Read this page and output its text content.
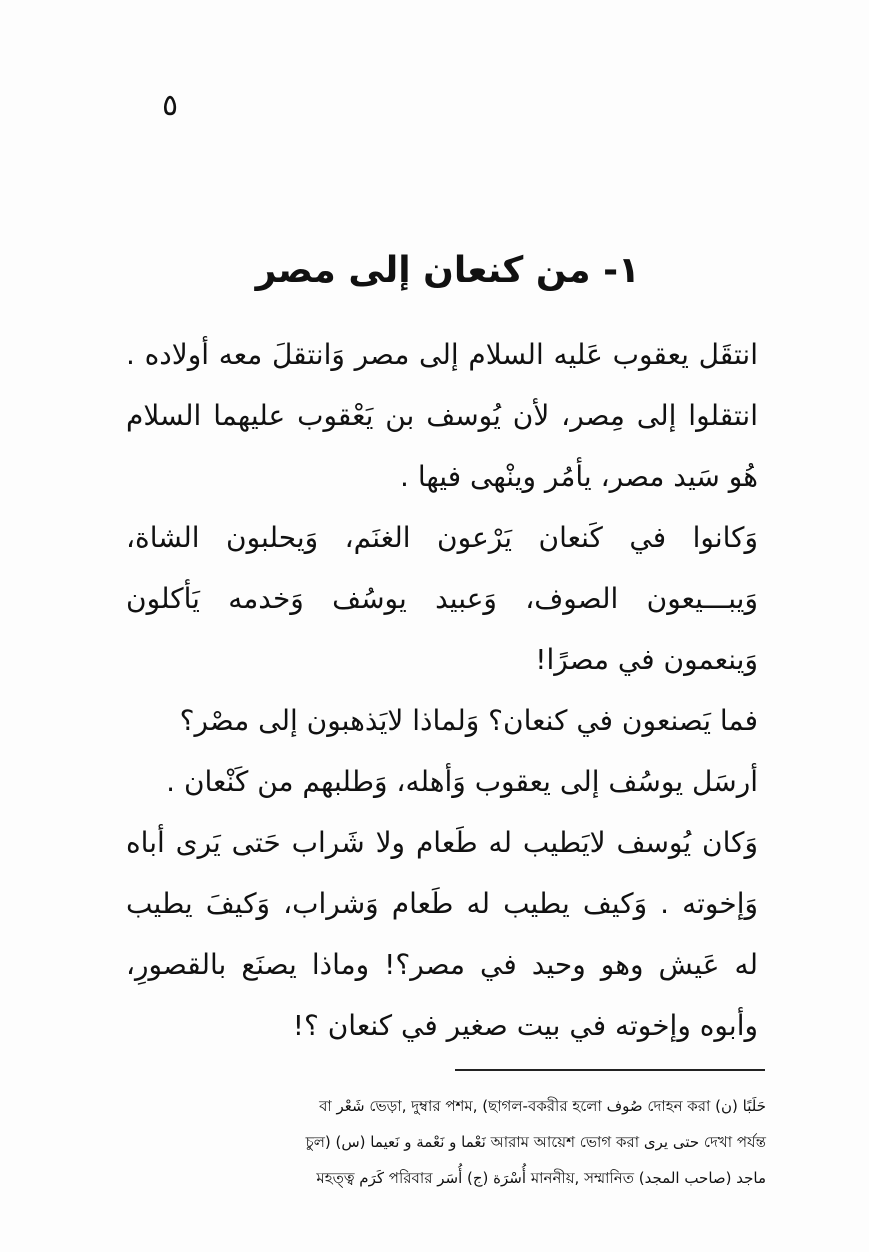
٥
١- من كنعان إلى مصر
انتقَل يعقوب عَليه السلام إلى مصر وَانتقلَ معه أولاده .
انتقلوا إلى مِصر، لأن يُوسف بن يَعْقوب عليهما السلام
هُو سَيد مصر، يأمُر وينْهى فيها .
وَكانوا في كَنعان يَرْعون الغنَم، وَيحلبون الشاة،
وَيبـــيعون الصوف، وَعبيد يوسُف وَخدمه يَأكلون
وَينعمون في مصرًا!
فما يَصنعون في كنعان؟ وَلماذا لايَذهبون إلى مصْر؟
أرسَل يوسُف إلى يعقوب وَأهله، وَطلبهم من كَنْعان .
وَكان يُوسف لايَطيب له طَعام ولا شَراب حَتى يَرى أباه
وَإخوته . وَكيف يطيب له طَعام وَشراب، وَكيفَ يطيب
له عَيش وهو وحيد في مصر؟! وماذا يصنَع بالقصورِ،
وأبوه وإخوته في بيت صغير في كنعان ؟!
حَلَبًا (ن) দোহন করা صُوف ভেড়া, দুম্বার পশম, (ছাগল-বকরীর হলো شَعْر বা
চুল) (س) نَعْما و نَعْمة و نَعيما আরাম আয়েশ ভোগ করা حتى يرى দেখা পর্যন্ত
মহত্ত্ব كَرَم পরিবার أُسْرَة (ج) أُسَر মাননীয়, সম্মানিত ماجد (صاحب المجد)
